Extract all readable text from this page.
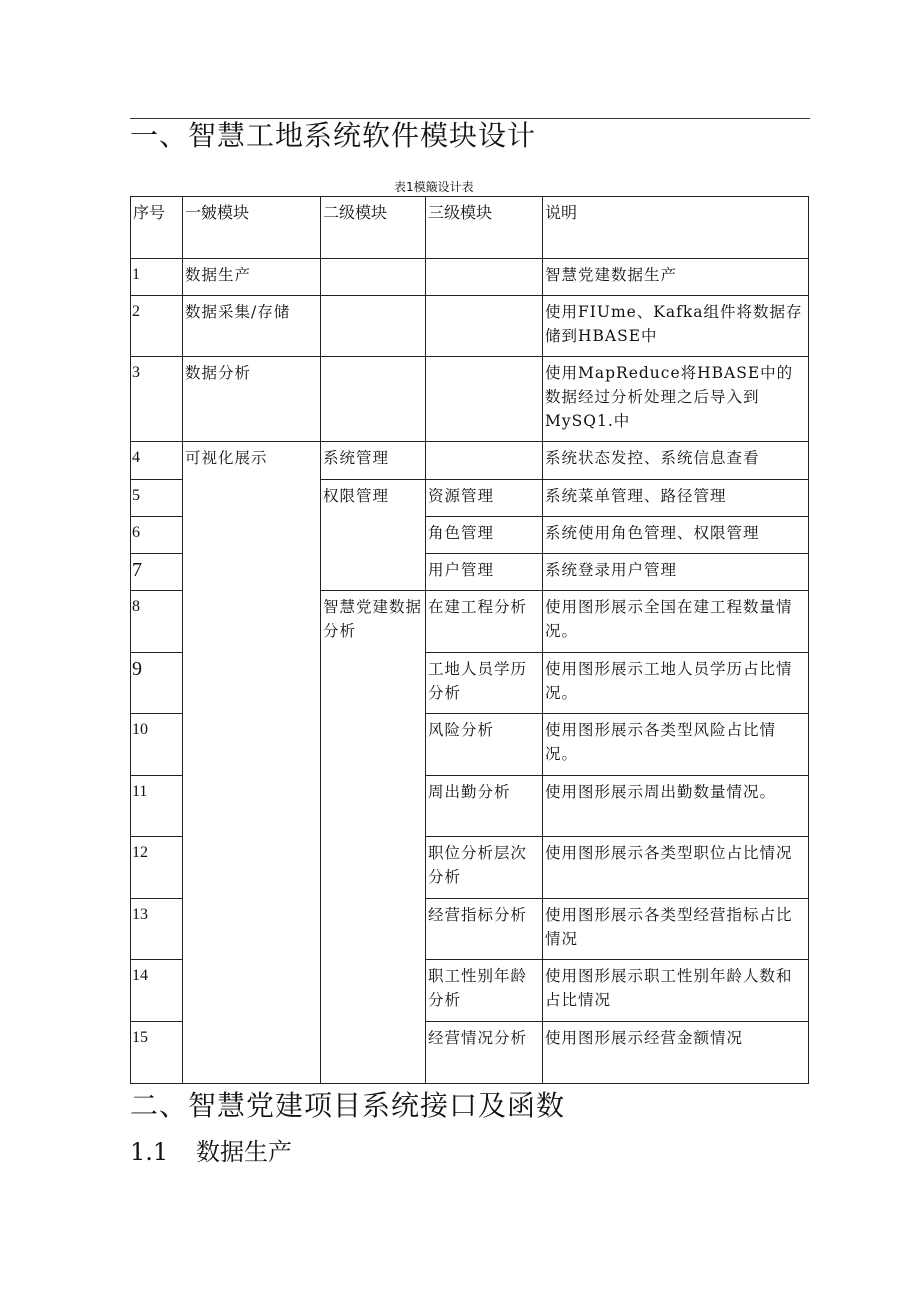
一、智慧工地系统软件模块设计
表1模簸设计表
序号	一皴模块	二级模块	三级模块	说明
1	数据生产			智慧党建数据生产
2	数据采集/存储			使用FIUme、Kafka组件将数据存储到HBASE中
3	数据分析			使用MapReduce将HBASE中的数据经过分析处理之后导入到MySQ1.中
4	可视化展示	系统管理		系统状态发控、系统信息查看
5		权限管理	资源管理	系统菜单管理、路径管理
6			角色管理	系统使用角色管理、权限管理
7			用户管理	系统登录用户管理
8		智慧党建数据分析	在建工程分析	使用图形展示全国在建工程数量情况。
9			工地人员学历分析	使用图形展示工地人员学历占比情况。
10			风险分析	使用图形展示各类型风险占比情况。
11			周出勤分析	使用图形展示周出勤数量情况。
12			职位分析层次分析	使用图形展示各类型职位占比情况
13			经营指标分析	使用图形展示各类型经营指标占比情况
14			职工性别年龄分析	使用图形展示职工性别年龄人数和占比情况
15			经营情况分析	使用图形展示经营金额情况
二、智慧党建项目系统接口及函数
1.1 数据生产
